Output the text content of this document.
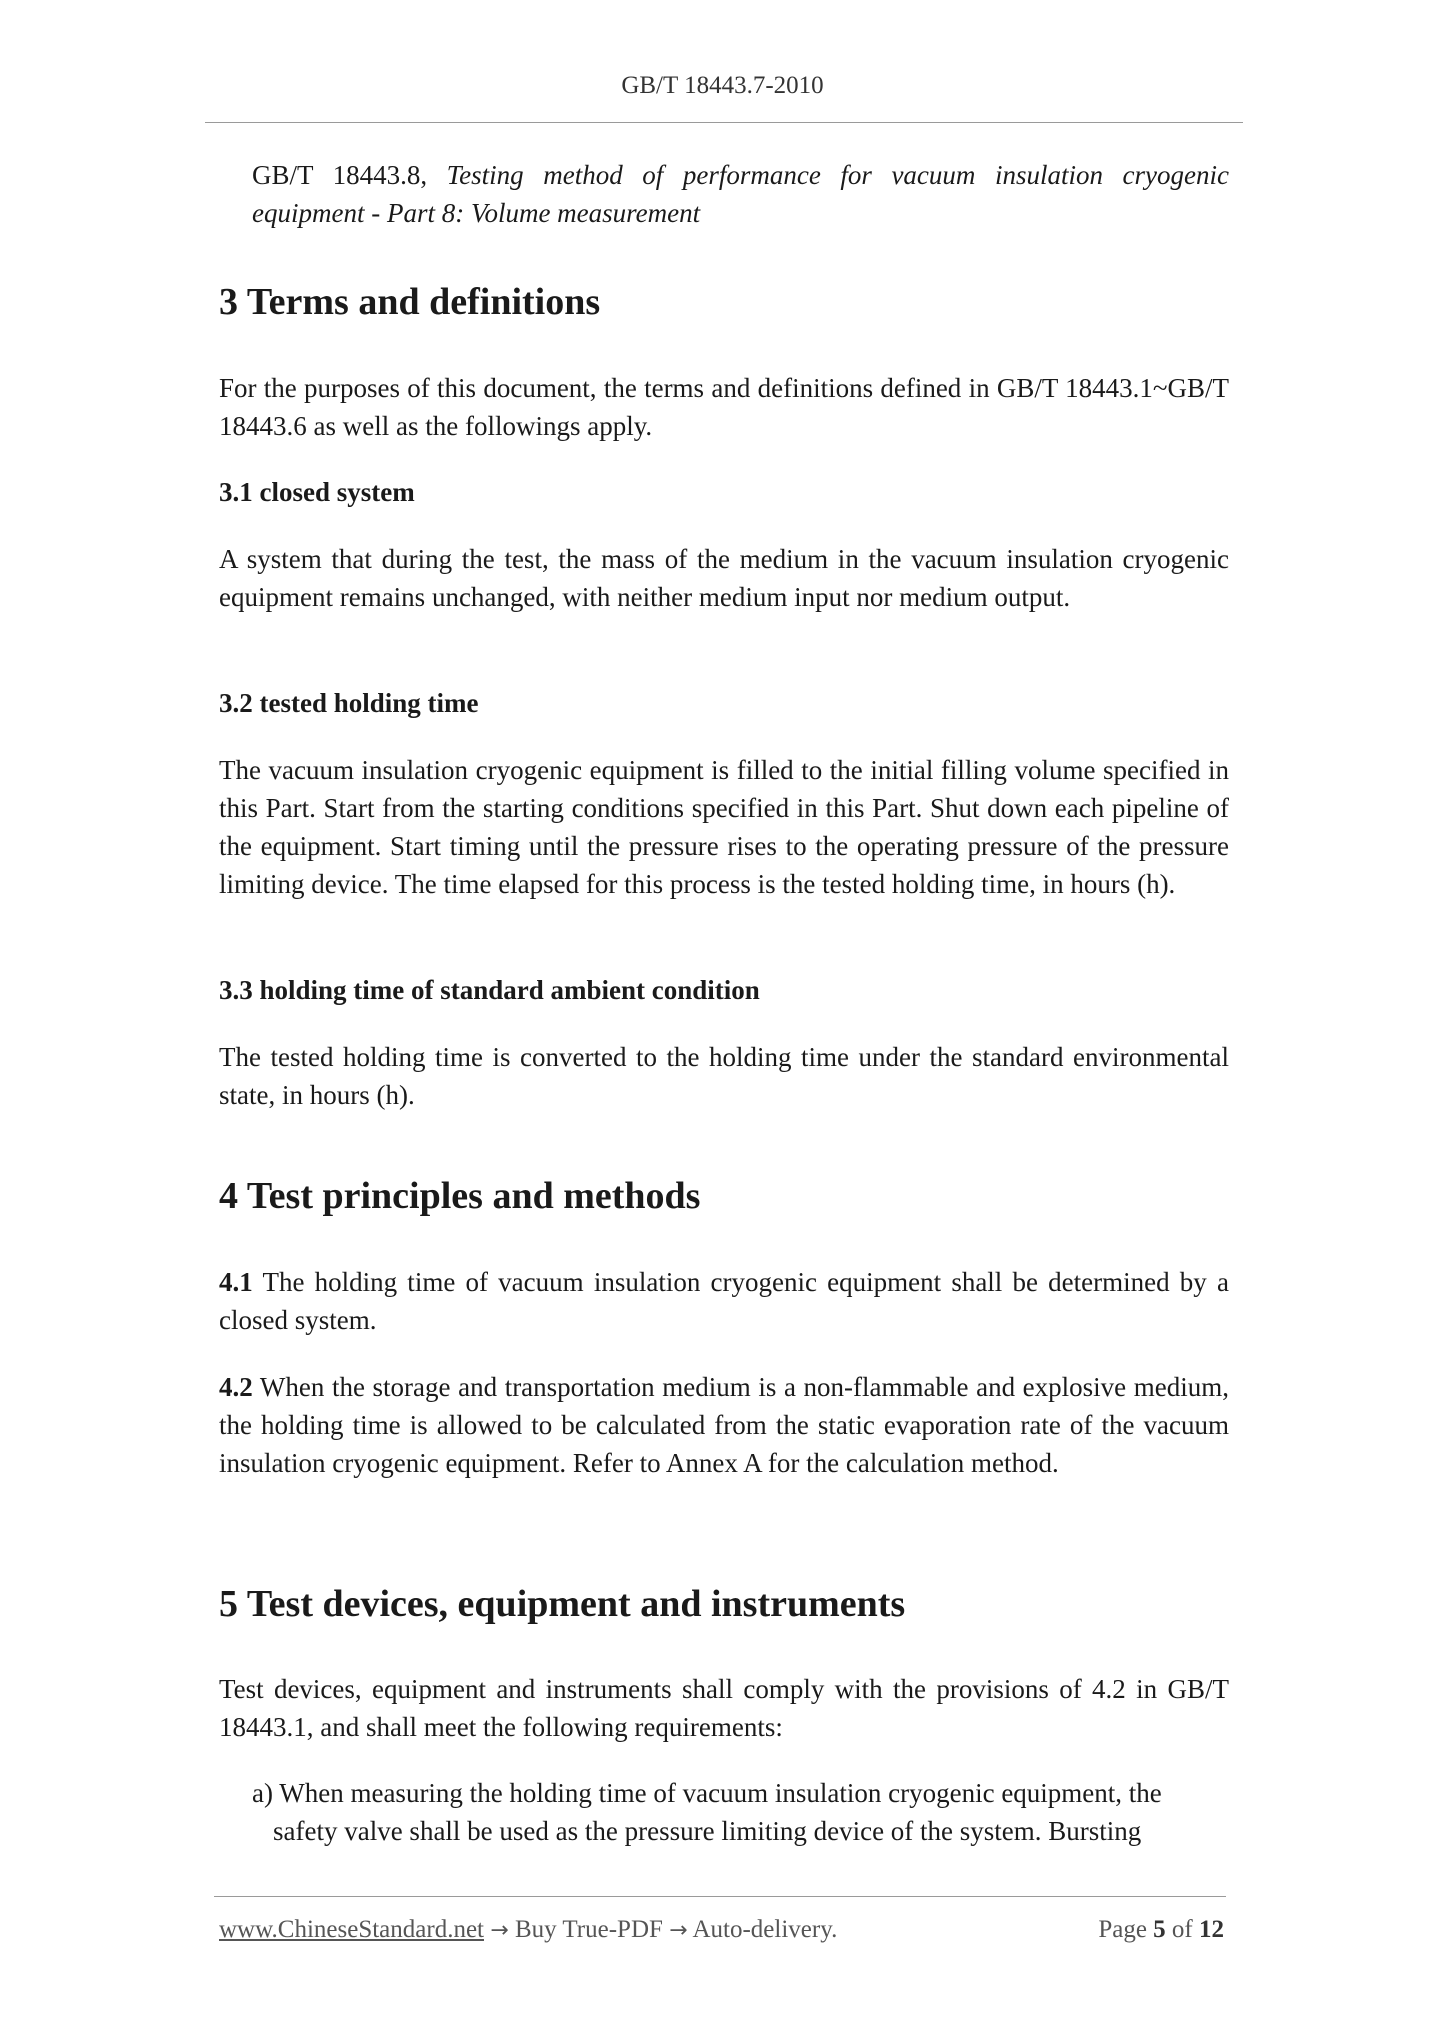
GB/T 18443.7-2010

GB/T 18443.8, Testing method of performance for vacuum insulation cryogenic equipment - Part 8: Volume measurement

3 Terms and definitions

For the purposes of this document, the terms and definitions defined in GB/T 18443.1~GB/T 18443.6 as well as the followings apply.

3.1 closed system

A system that during the test, the mass of the medium in the vacuum insulation cryogenic equipment remains unchanged, with neither medium input nor medium output.

3.2 tested holding time

The vacuum insulation cryogenic equipment is filled to the initial filling volume specified in this Part. Start from the starting conditions specified in this Part. Shut down each pipeline of the equipment. Start timing until the pressure rises to the operating pressure of the pressure limiting device. The time elapsed for this process is the tested holding time, in hours (h).

3.3 holding time of standard ambient condition

The tested holding time is converted to the holding time under the standard environmental state, in hours (h).

4 Test principles and methods

4.1 The holding time of vacuum insulation cryogenic equipment shall be determined by a closed system.

4.2 When the storage and transportation medium is a non-flammable and explosive medium, the holding time is allowed to be calculated from the static evaporation rate of the vacuum insulation cryogenic equipment. Refer to Annex A for the calculation method.

5 Test devices, equipment and instruments

Test devices, equipment and instruments shall comply with the provisions of 4.2 in GB/T 18443.1, and shall meet the following requirements:

a) When measuring the holding time of vacuum insulation cryogenic equipment, the
safety valve shall be used as the pressure limiting device of the system. Bursting
www.ChineseStandard.net → Buy True-PDF → Auto-delivery.	Page 5 of 12
